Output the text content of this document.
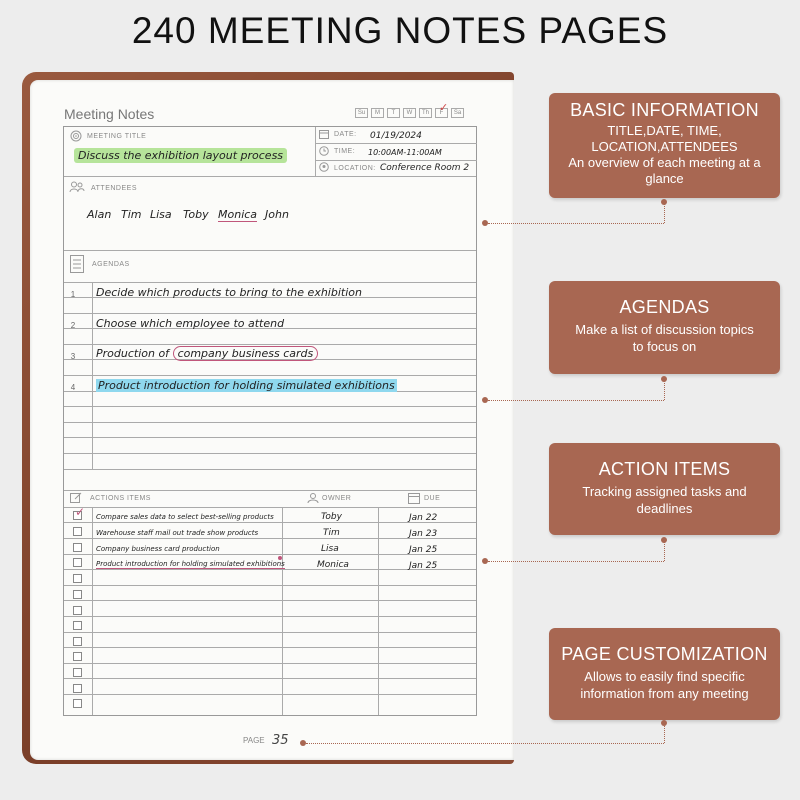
240 MEETING NOTES PAGES
Meeting Notes	Su	M	T	W	Th	F ✓	Sa
MEETING TITLE
Discuss the exhibition layout process
DATE: 01/19/2024
TIME: 10:00AM-11:00AM
LOCATION: Conference Room 2
ATTENDEES
Alan Tim Lisa Toby Monica John
AGENDAS
1	Decide which products to bring to the exhibition
2	Choose which employee to attend
3	Production of company business cards
4	Product introduction for holding simulated exhibitions
ACTIONS ITEMS	OWNER	DUE
✓ Compare sales data to select best-selling products	Toby	Jan 22
Warehouse staff mail out trade show products	Tim	Jan 23
Company business card production	Lisa	Jan 25
Product introduction for holding simulated exhibitions	Monica	Jan 25
PAGE 35
BASIC INFORMATION
TITLE,DATE, TIME,
LOCATION,ATTENDEES
An overview of each meeting at a
glance
AGENDAS
Make a list of discussion topics
to focus on
ACTION ITEMS
Tracking assigned tasks and
deadlines
PAGE CUSTOMIZATION
Allows to easily find specific
information from any meeting
